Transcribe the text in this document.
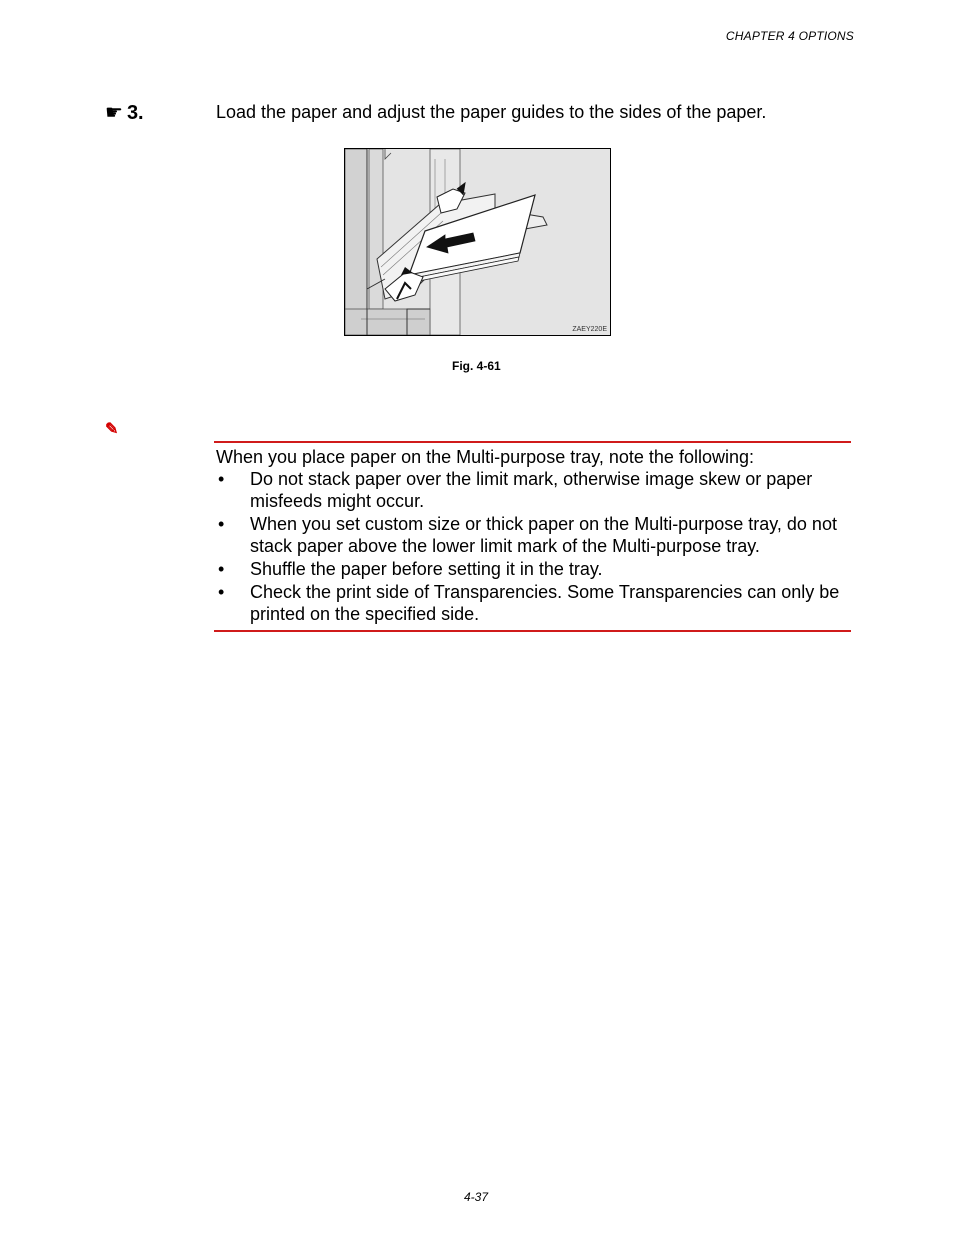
CHAPTER 4 OPTIONS
☛ 3.	Load the paper and adjust the paper guides to the sides of the paper.
ZAEY220E
Fig. 4-61
✎

When you place paper on the Multi-purpose tray, note the following:

• Do not stack paper over the limit mark, otherwise image skew or paper misfeeds might occur.
• When you set custom size or thick paper on the Multi-purpose tray, do not stack paper above the lower limit mark of the Multi-purpose tray.
• Shuffle the paper before setting it in the tray.
• Check the print side of Transparencies. Some Transparencies can only be printed on the specified side.
4-37
